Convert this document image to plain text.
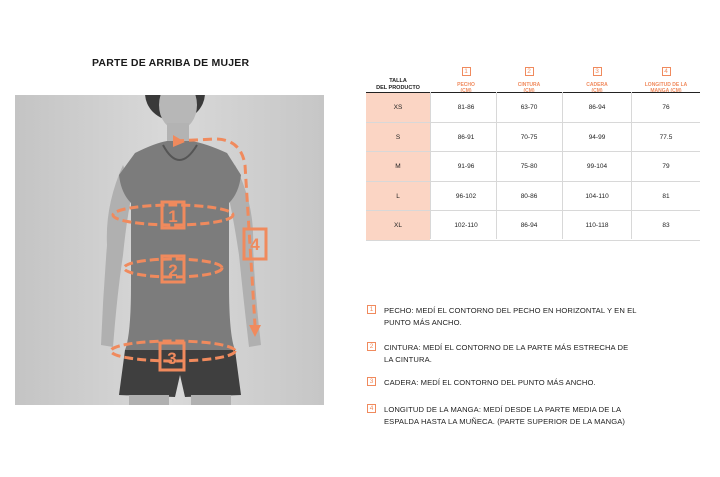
PARTE DE ARRIBA DE MUJER
1
2
3
4
TALLA
DEL PRODUCTO
1
PECHO
(CM)
2
CINTURA
(CM)
3
CADERA
(CM)
4
LONGITUD DE LA
MANGA (CM)
XS	81-86	63-70	86-94	76
S	86-91	70-75	94-99	77.5
M	91-96	75-80	99-104	79
L	96-102	80-86	104-110	81
XL	102-110	86-94	110-118	83
1	PECHO: MEDÍ EL CONTORNO DEL PECHO EN HORIZONTAL Y EN EL
PUNTO MÁS ANCHO.
2	CINTURA: MEDÍ EL CONTORNO DE LA PARTE MÁS ESTRECHA DE
LA CINTURA.
3	CADERA: MEDÍ EL CONTORNO DEL PUNTO MÁS ANCHO.
4	LONGITUD DE LA MANGA: MEDÍ DESDE LA PARTE MEDIA DE LA
ESPALDA HASTA LA MUÑECA. (PARTE SUPERIOR DE LA MANGA)
